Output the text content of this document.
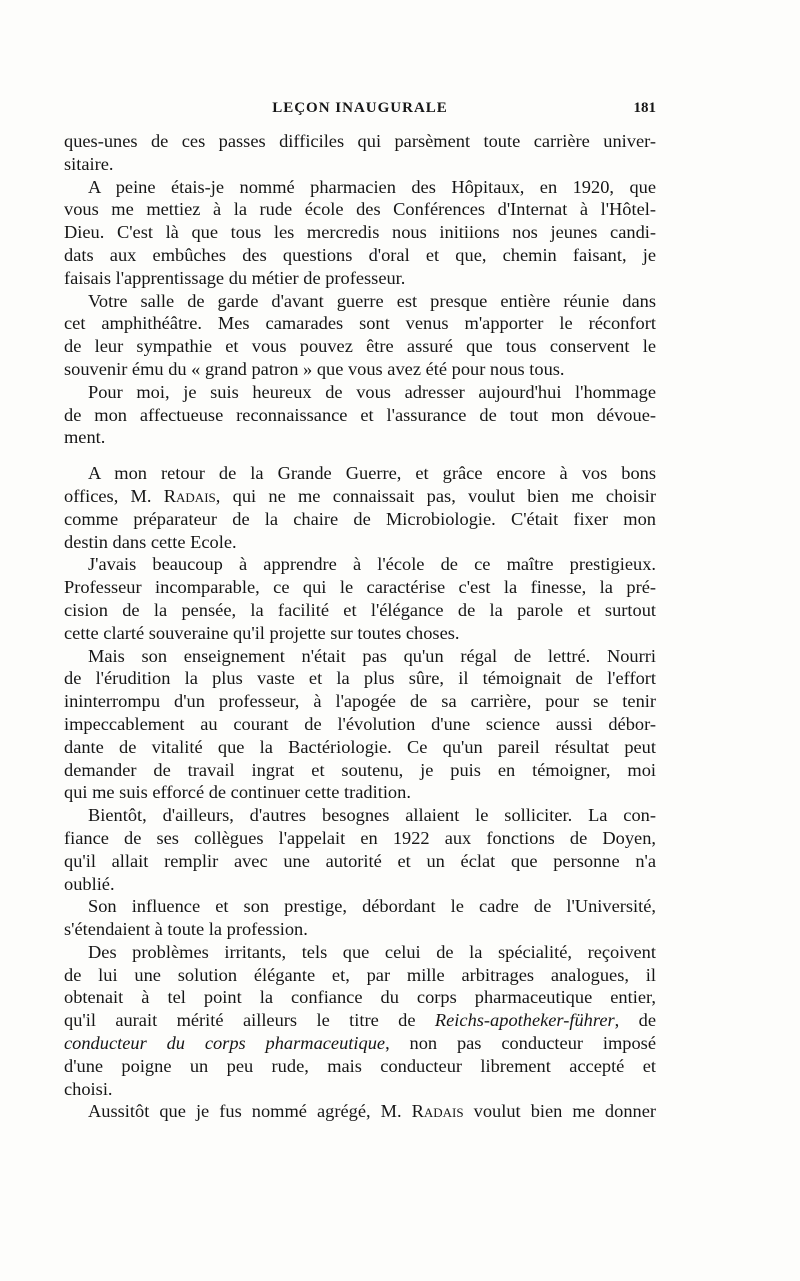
LEÇON INAUGURALE	181
ques-unes de ces passes difficiles qui parsèment toute carrière univer-
sitaire.
A peine étais-je nommé pharmacien des Hôpitaux, en 1920, que
vous me mettiez à la rude école des Conférences d'Internat à l'Hôtel-
Dieu. C'est là que tous les mercredis nous initiions nos jeunes candi-
dats aux embûches des questions d'oral et que, chemin faisant, je
faisais l'apprentissage du métier de professeur.
Votre salle de garde d'avant guerre est presque entière réunie dans
cet amphithéâtre. Mes camarades sont venus m'apporter le réconfort
de leur sympathie et vous pouvez être assuré que tous conservent le
souvenir ému du « grand patron » que vous avez été pour nous tous.
Pour moi, je suis heureux de vous adresser aujourd'hui l'hommage
de mon affectueuse reconnaissance et l'assurance de tout mon dévoue-
ment.
A mon retour de la Grande Guerre, et grâce encore à vos bons
offices, M. Radais, qui ne me connaissait pas, voulut bien me choisir
comme préparateur de la chaire de Microbiologie. C'était fixer mon
destin dans cette Ecole.
J'avais beaucoup à apprendre à l'école de ce maître prestigieux.
Professeur incomparable, ce qui le caractérise c'est la finesse, la pré-
cision de la pensée, la facilité et l'élégance de la parole et surtout
cette clarté souveraine qu'il projette sur toutes choses.
Mais son enseignement n'était pas qu'un régal de lettré. Nourri
de l'érudition la plus vaste et la plus sûre, il témoignait de l'effort
ininterrompu d'un professeur, à l'apogée de sa carrière, pour se tenir
impeccablement au courant de l'évolution d'une science aussi débor-
dante de vitalité que la Bactériologie. Ce qu'un pareil résultat peut
demander de travail ingrat et soutenu, je puis en témoigner, moi
qui me suis efforcé de continuer cette tradition.
Bientôt, d'ailleurs, d'autres besognes allaient le solliciter. La con-
fiance de ses collègues l'appelait en 1922 aux fonctions de Doyen,
qu'il allait remplir avec une autorité et un éclat que personne n'a
oublié.
Son influence et son prestige, débordant le cadre de l'Université,
s'étendaient à toute la profession.
Des problèmes irritants, tels que celui de la spécialité, reçoivent
de lui une solution élégante et, par mille arbitrages analogues, il
obtenait à tel point la confiance du corps pharmaceutique entier,
qu'il aurait mérité ailleurs le titre de Reichs-apotheker-führer, de
conducteur du corps pharmaceutique, non pas conducteur imposé
d'une poigne un peu rude, mais conducteur librement accepté et
choisi.
Aussitôt que je fus nommé agrégé, M. Radais voulut bien me donner
